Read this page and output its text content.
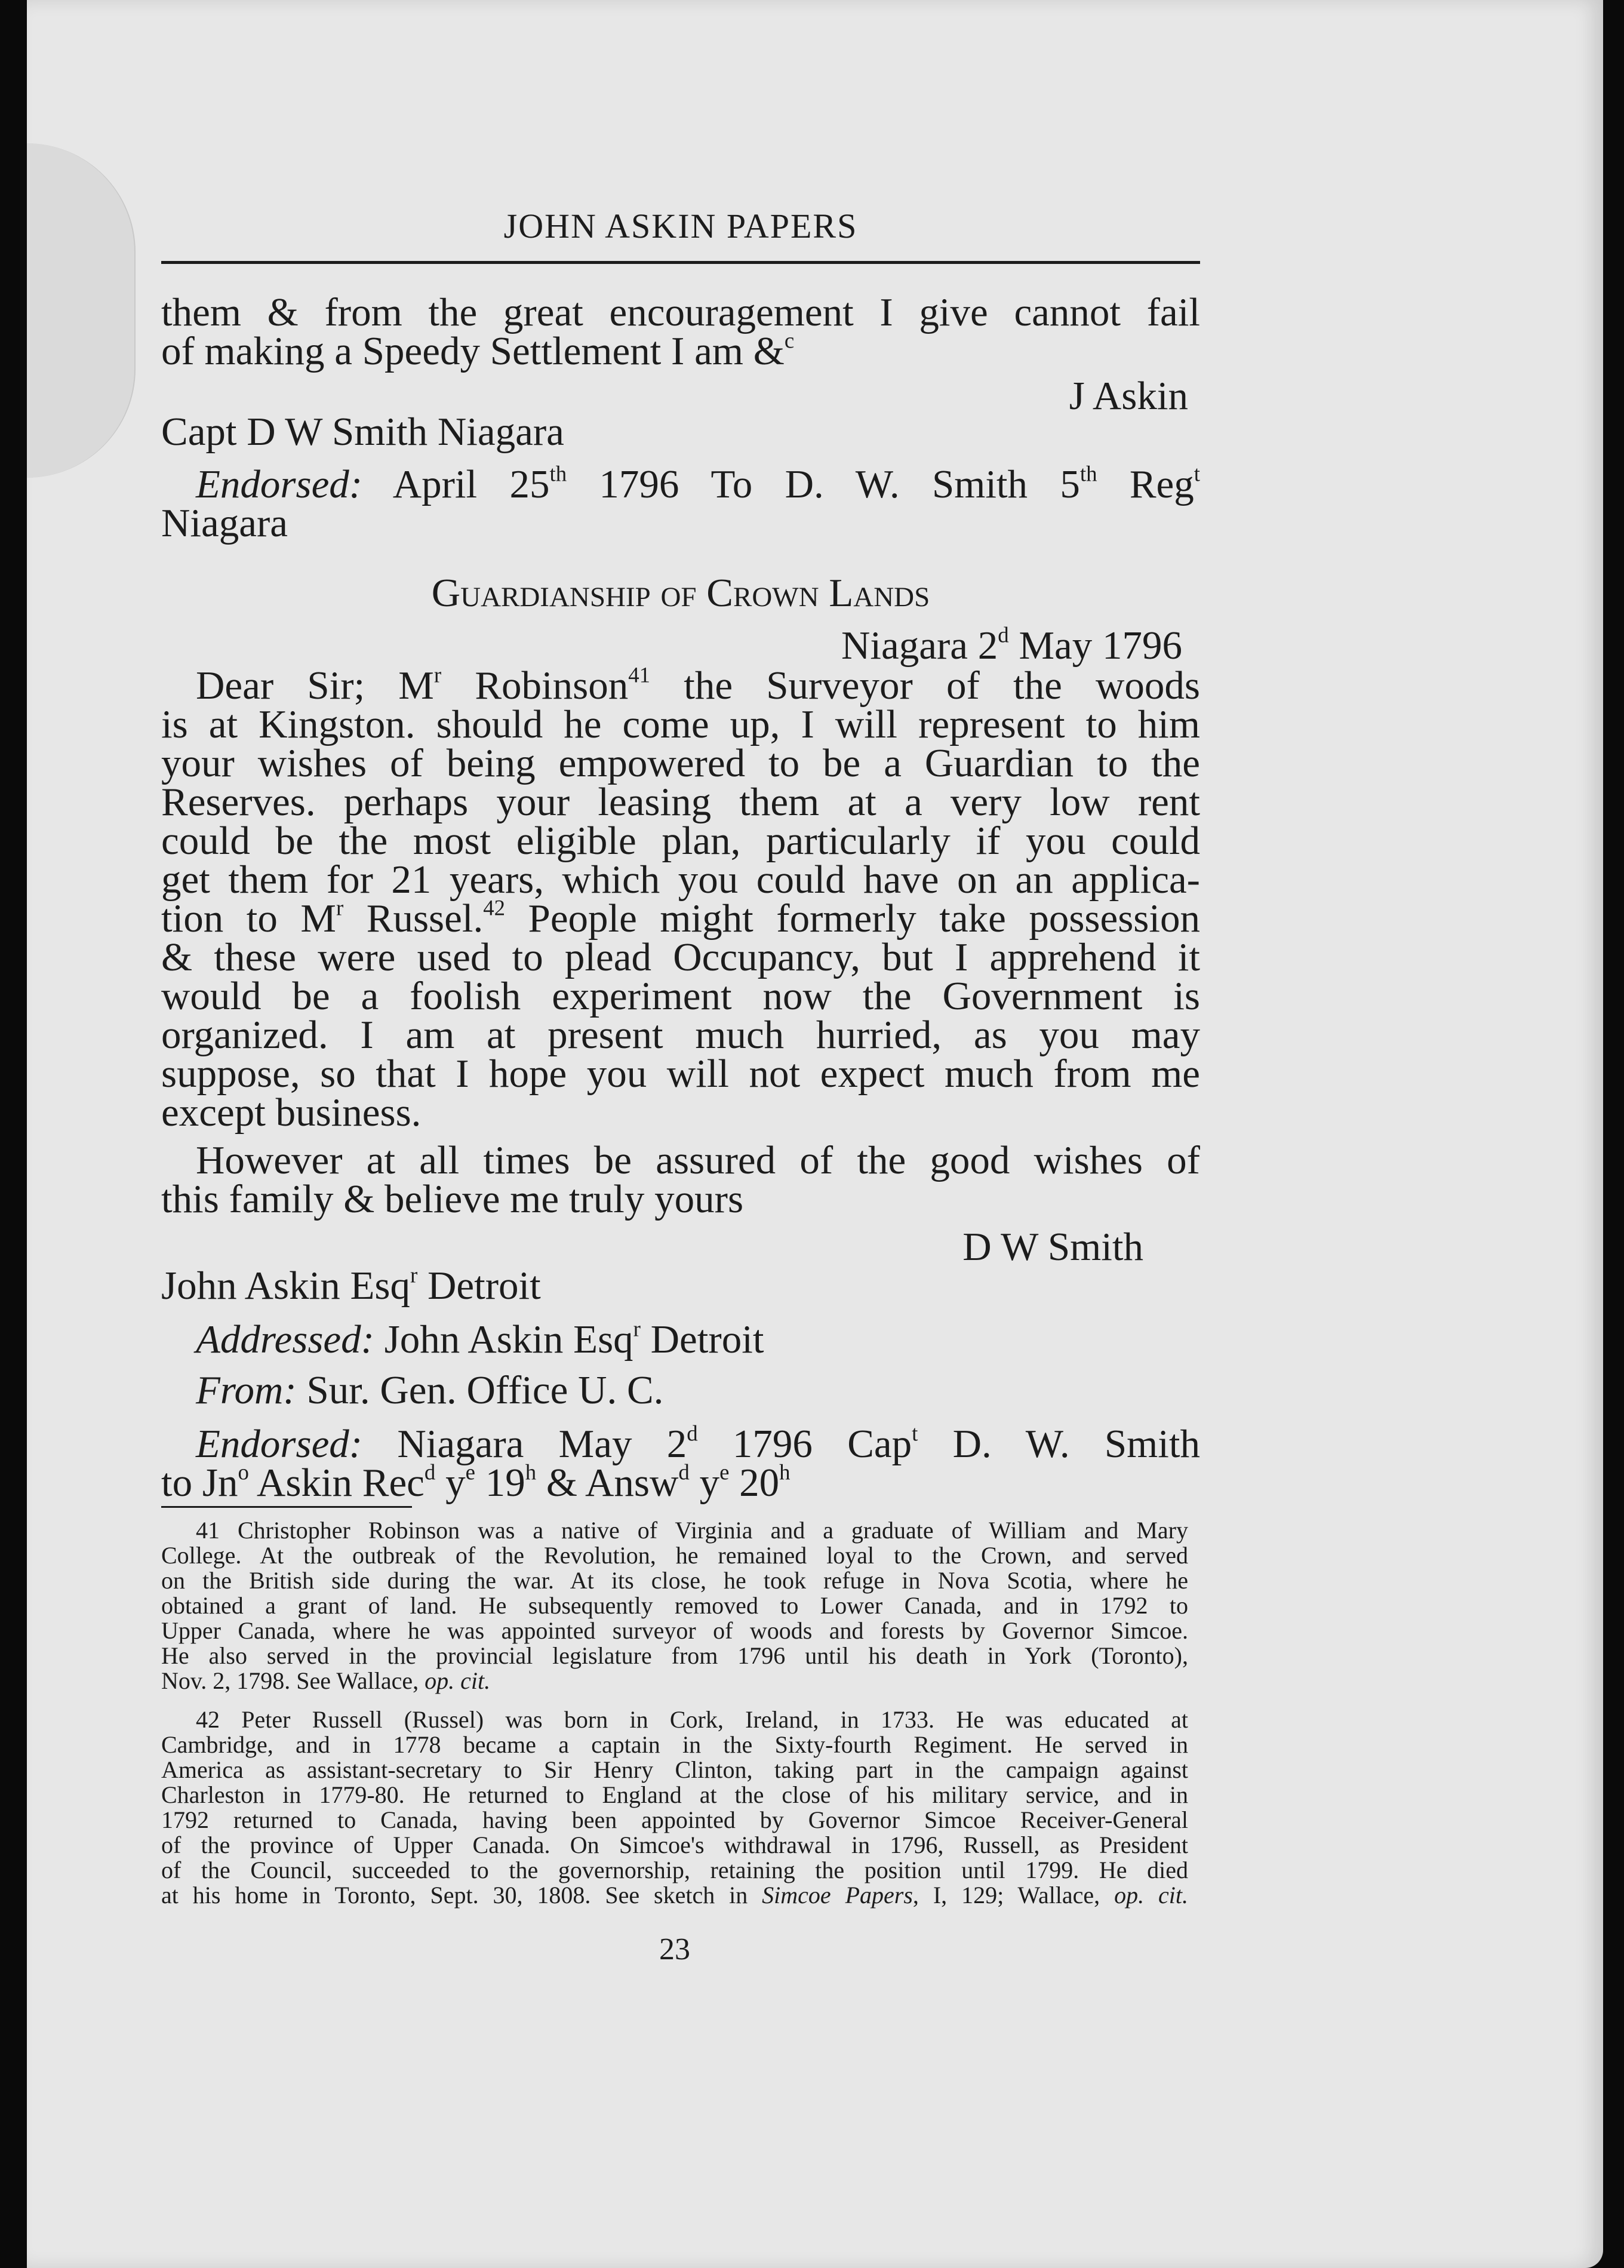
JOHN ASKIN PAPERS
them & from the great encouragement I give cannot fail
of making a Speedy Settlement I am &$^c$
J Askin
Capt D W Smith Niagara
Endorsed: April 25th 1796 To D. W. Smith 5th Reg$^t$
Niagara
Guardianship of Crown Lands
Niagara 2$^d$ May 1796
Dear Sir; $M^r$ Robinson$^{41}$ the Surveyor of the woods
is at Kingston. should he come up, I will represent to him
your wishes of being empowered to be a Guardian to the
Reserves. perhaps your leasing them at a very low rent
could be the most eligible plan, particularly if you could
get them for 21 years, which you could have on an applica-
tion to $M^r$ Russel.$^{42}$ People might formerly take possession
& these were used to plead Occupancy, but I apprehend it
would be a foolish experiment now the Government is
organized. I am at present much hurried, as you may
suppose, so that I hope you will not expect much from me
except business.
However at all times be assured of the good wishes of
this family & believe me truly yours
D W Smith
John Askin Esq$^r$ Detroit
Addressed: John Askin Esq$^r$ Detroit
From: Sur. Gen. Office U. C.
Endorsed: Niagara May 2$^d$ 1796 Cap$^t$ D. W. Smith
to Jn$^o$ Askin Rec$^d$ $y^e$ 19$^h$ & Answ$^d$ $y^e$ 20$^h$
41 Christopher Robinson was a native of Virginia and a graduate of William and Mary
College. At the outbreak of the Revolution, he remained loyal to the Crown, and served
on the British side during the war. At its close, he took refuge in Nova Scotia, where he
obtained a grant of land. He subsequently removed to Lower Canada, and in 1792 to
Upper Canada, where he was appointed surveyor of woods and forests by Governor Simcoe.
He also served in the provincial legislature from 1796 until his death in York (Toronto),
Nov. 2, 1798. See Wallace, op. cit.
42 Peter Russell (Russel) was born in Cork, Ireland, in 1733. He was educated at
Cambridge, and in 1778 became a captain in the Sixty-fourth Regiment. He served in
America as assistant-secretary to Sir Henry Clinton, taking part in the campaign against
Charleston in 1779-80. He returned to England at the close of his military service, and in
1792 returned to Canada, having been appointed by Governor Simcoe Receiver-General
of the province of Upper Canada. On Simcoe's withdrawal in 1796, Russell, as President
of the Council, succeeded to the governorship, retaining the position until 1799. He died
at his home in Toronto, Sept. 30, 1808. See sketch in Simcoe Papers, I, 129; Wallace, op. cit.
23
